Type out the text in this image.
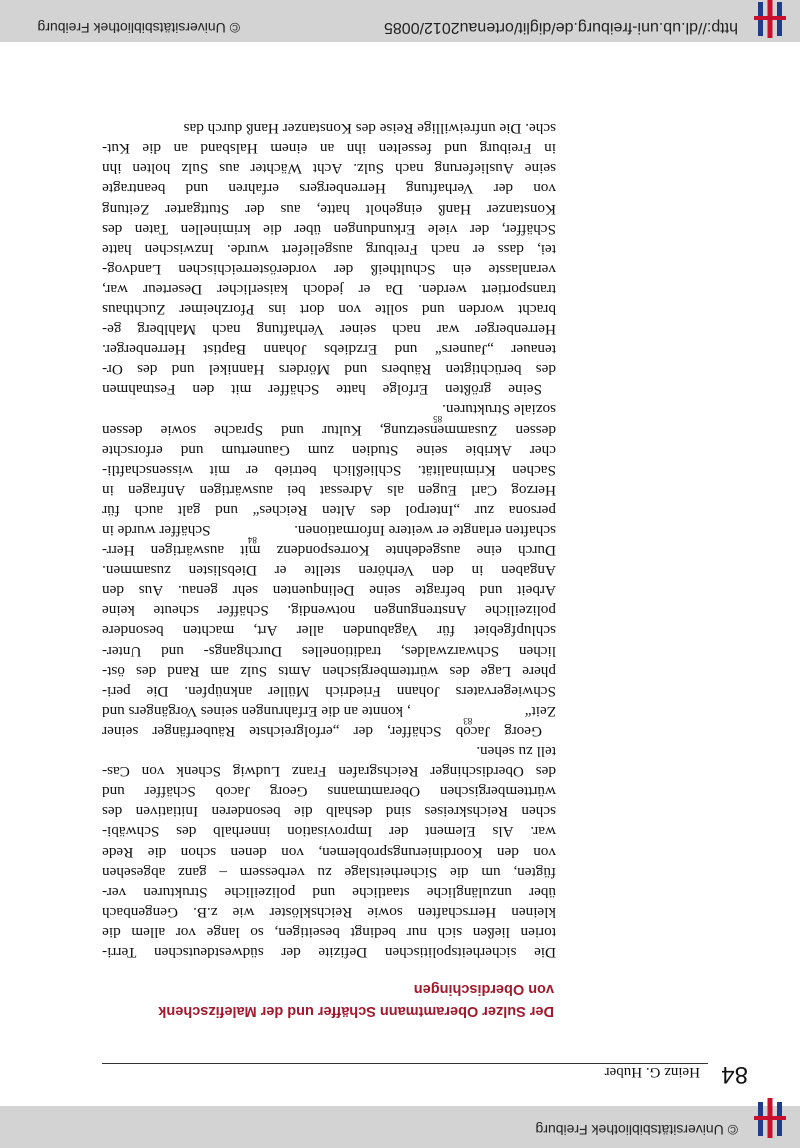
© Universitätsbibliothek Freiburg
84
Heinz G. Huber
Der Sulzer Oberamtmann Schäffer und der Malefizschenk
von Oberdischingen
Die
sicherheitspolitischen
Defizite
der
südwestdeutschen
Terri-
torien
ließen
sich
nur
bedingt
beseitigen,
so
lange
vor
allem
die
kleinen
Herrschaften
sowie
Reichsklöster
wie
z.B.
Gengenbach
über
unzulängliche
staatliche
und
polizeiliche
Strukturen
ver-
fügten,
um
die
Sicherheitslage
zu
verbessern
–
ganz
abgesehen
von
den
Koordinierungsproblemen,
von
denen
schon
die
Rede
war.
Als
Element
der
Improvisation
innerhalb
des
Schwäbi-
schen
Reichskreises
sind
deshalb
die
besonderen
Initiativen
des
württembergischen
Oberamtmanns
Georg
Jacob
Schäffer
und
des
Oberdischinger
Reichsgrafen
Franz
Ludwig
Schenk
von
Cas-
tell zu sehen.
Georg
Jacob
Schäffer,
der
„erfolgreichste
Räuberfänger
seiner
Zeit“
83
, konnte an die Erfahrungen seines Vorgängers und
Schwiegervaters
Johann
Friedrich
Müller
anknüpfen.
Die
peri-
phere
Lage
des
württembergischen
Amts
Sulz
am
Rand
des
öst-
lichen
Schwarzwaldes,
traditionelles
Durchgangs-
und
Unter-
schlupfgebiet
für
Vagabunden
aller
Art,
machten
besondere
polizeiliche
Anstrengungen
notwendig.
Schäffer
scheute
keine
Arbeit
und
befragte
seine
Delinquenten
sehr
genau.
Aus
den
Angaben
in
den
Verhören
stellte
er
Diebslisten
zusammen.
Durch
eine
ausgedehnte
Korrespondenz
mit
auswärtigen
Herr-
schaften erlangte er weitere Informationen.
84
Schäffer wurde in
persona
zur
„Interpol
des
Alten
Reiches“
und
galt
auch
für
Herzog
Carl
Eugen
als
Adressat
bei
auswärtigen
Anfragen
in
Sachen
Kriminalität.
Schließlich
betrieb
er
mit
wissenschaftli-
cher
Akribie
seine
Studien
zum
Gaunertum
und
erforschte
dessen
Zusammensetzung,
Kultur
und
Sprache
sowie
dessen
soziale Strukturen.
85
Seine
größten
Erfolge
hatte
Schäffer
mit
den
Festnahmen
des
berüchtigten
Räubers
und
Mörders
Hannikel
und
des
Or-
tenauer
„Jauners“
und
Erzdiebs
Johann
Baptist
Herrenberger.
Herrenberger
war
nach
seiner
Verhaftung
nach
Mahlberg
ge-
bracht
worden
und
sollte
von
dort
ins
Pforzheimer
Zuchthaus
transportiert
werden.
Da
er
jedoch
kaiserlicher
Deserteur
war,
veranlasste
ein
Schultheiß
der
vorderösterreichischen
Landvog-
tei,
dass
er
nach
Freiburg
ausgeliefert
wurde.
Inzwischen
hatte
Schäffer,
der
viele
Erkundungen
über
die
kriminellen
Taten
des
Konstanzer
Hanß
eingeholt
hatte,
aus
der
Stuttgarter
Zeitung
von
der
Verhaftung
Herrenbergers
erfahren
und
beantragte
seine
Auslieferung
nach
Sulz.
Acht
Wächter
aus
Sulz
holten
ihn
in
Freiburg
und
fesselten
ihn
an
einem
Halsband
an
die
Kut-
sche. Die unfreiwillige Reise des Konstanzer Hanß durch das
http://dl.ub.uni-freiburg.de/diglit/ortenau2012/0085
© Universitätsbibliothek Freiburg
